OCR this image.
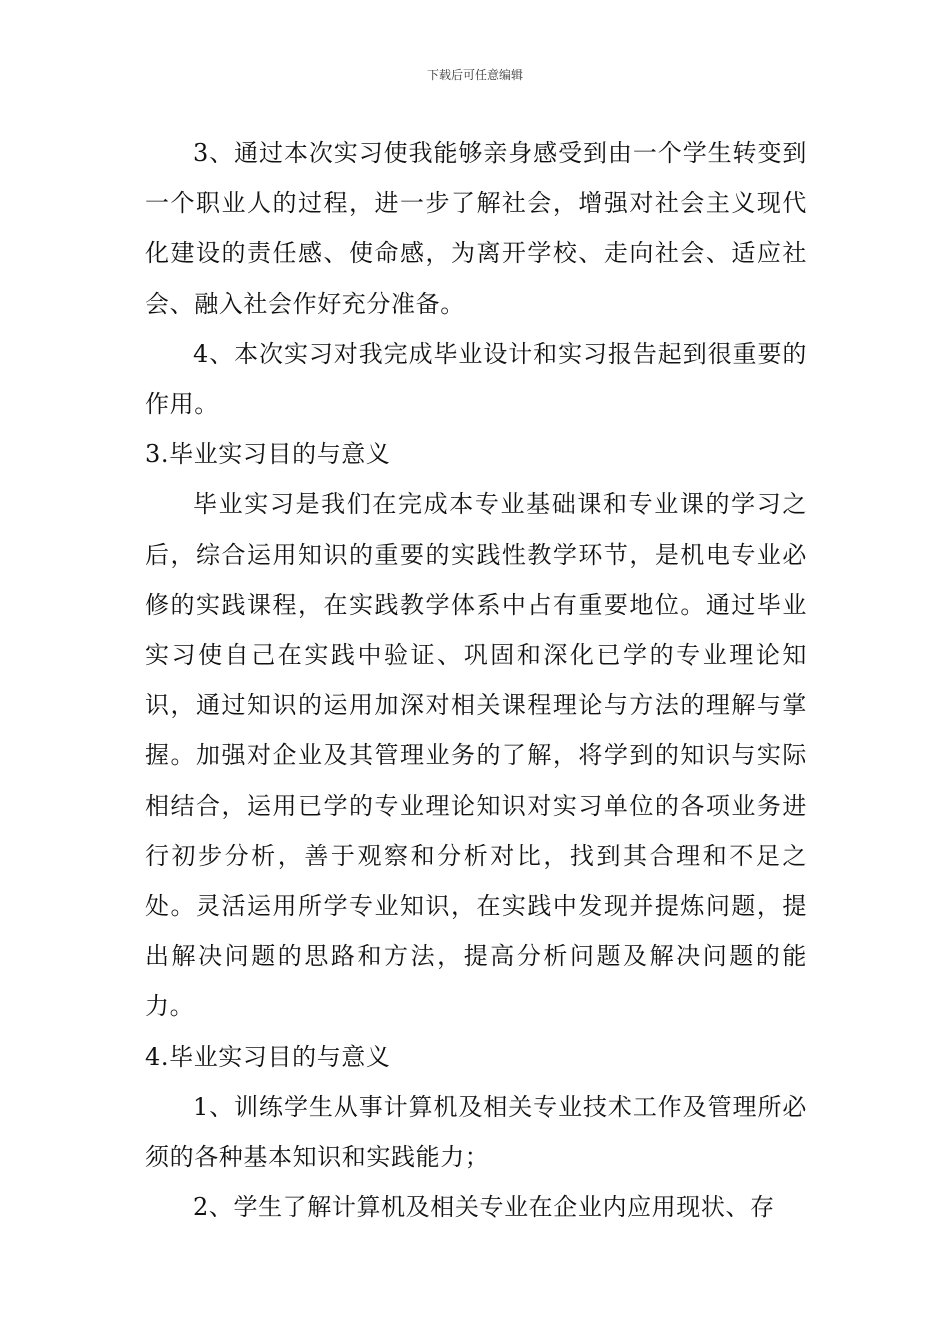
下载后可任意编辑

3、通过本次实习使我能够亲身感受到由一个学生转变到一个职业人的过程，进一步了解社会，增强对社会主义现代化建设的责任感、使命感，为离开学校、走向社会、适应社会、融入社会作好充分准备。

4、本次实习对我完成毕业设计和实习报告起到很重要的作用。

3.毕业实习目的与意义

毕业实习是我们在完成本专业基础课和专业课的学习之后，综合运用知识的重要的实践性教学环节，是机电专业必修的实践课程，在实践教学体系中占有重要地位。通过毕业实习使自己在实践中验证、巩固和深化已学的专业理论知识，通过知识的运用加深对相关课程理论与方法的理解与掌握。加强对企业及其管理业务的了解，将学到的知识与实际相结合，运用已学的专业理论知识对实习单位的各项业务进行初步分析，善于观察和分析对比，找到其合理和不足之处。灵活运用所学专业知识，在实践中发现并提炼问题，提出解决问题的思路和方法，提高分析问题及解决问题的能力。

4.毕业实习目的与意义

1、训练学生从事计算机及相关专业技术工作及管理所必须的各种基本知识和实践能力；

2、学生了解计算机及相关专业在企业内应用现状、存
